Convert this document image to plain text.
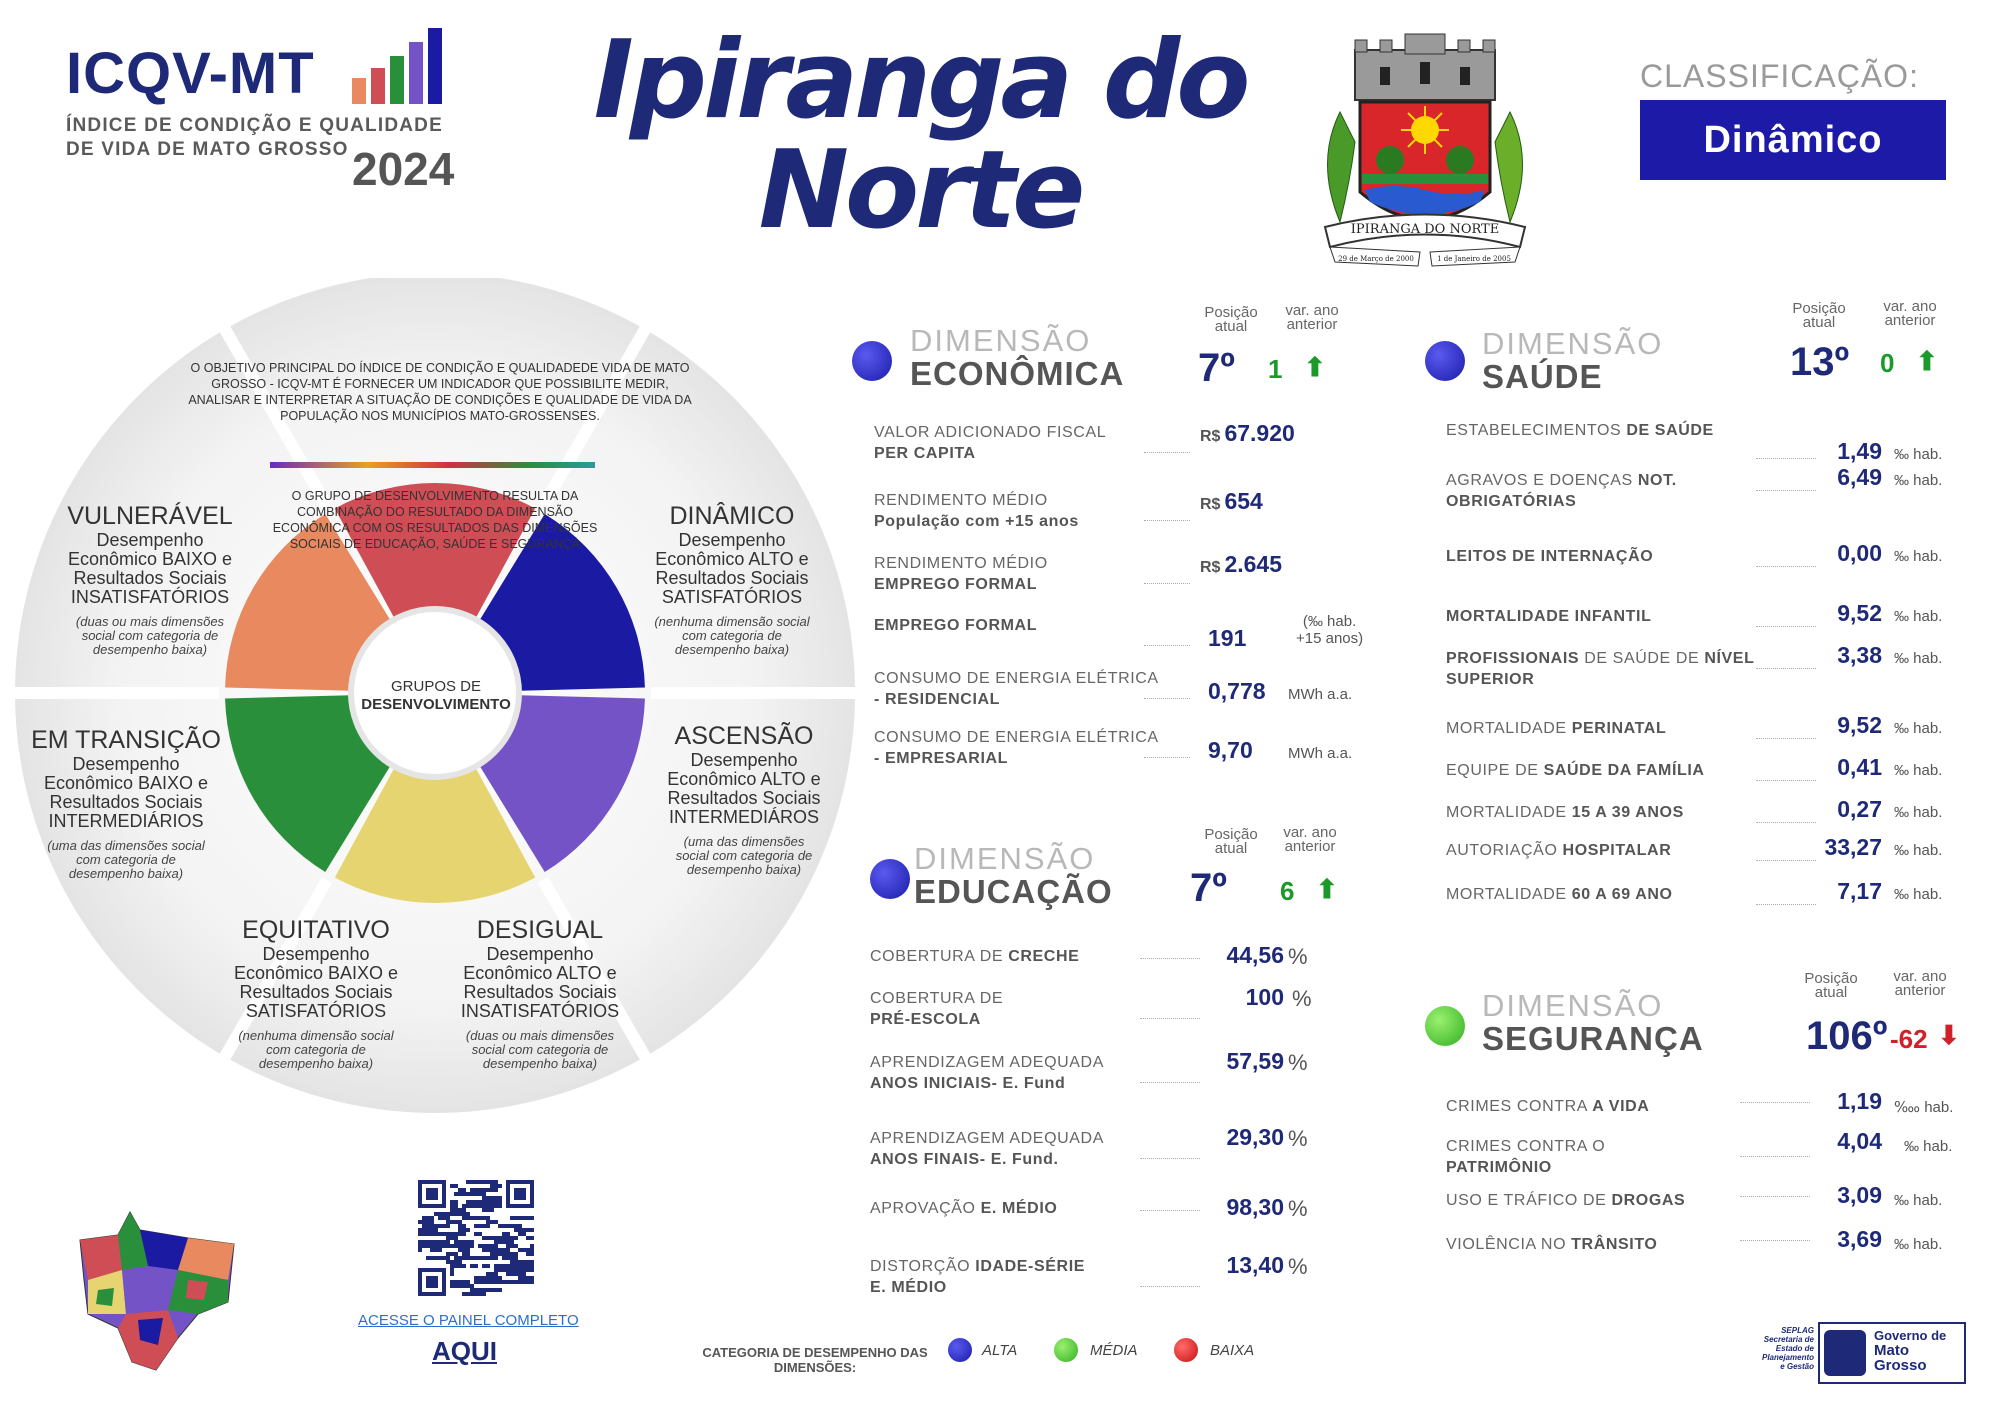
ICQV-MT
ÍNDICE DE CONDIÇÃO E QUALIDADE DE VIDA DE MATO GROSSO 2024
Ipiranga do
Norte	IPIRANGA DO NORTE
29 de Março de 2000	1 de Janeiro de 2005
CLASSIFICAÇÃO:
Dinâmico
GRUPOS DE
DESENVOLVIMENTO
O OBJETIVO PRINCIPAL DO ÍNDICE DE CONDIÇÃO E QUALIDADEDE VIDA DE MATO GROSSO - ICQV-MT É FORNECER UM INDICADOR QUE POSSIBILITE MEDIR, ANALISAR E INTERPRETAR A SITUAÇÃO DE CONDIÇÕES E QUALIDADE DE VIDA DA POPULAÇÃO NOS MUNICÍPIOS MATO-GROSSENSES.
O GRUPO DE DESENVOLVIMENTO RESULTA DA COMBINAÇÃO DO RESULTADO DA DIMENSÃO ECONÔMICA COM OS RESULTADOS DAS DIMENSÕES SOCIAIS DE EDUCAÇÃO, SAÚDE E SEGURANÇA
VULNERÁVEL
Desempenho Econômico BAIXO e Resultados Sociais INSATISFATÓRIOS
(duas ou mais dimensões social com categoria de desempenho baixa)
DINÂMICO
Desempenho Econômico ALTO e Resultados Sociais SATISFATÓRIOS
(nenhuma dimensão social com categoria de desempenho baixa)
EM TRANSIÇÃO
Desempenho Econômico BAIXO e Resultados Sociais INTERMEDIÁRIOS
(uma das dimensões social com categoria de desempenho baixa)
ASCENSÃO
Desempenho Econômico ALTO e Resultados Sociais INTERMEDIÁROS
(uma das dimensões social com categoria de desempenho baixa)
EQUITATIVO
Desempenho Econômico BAIXO e Resultados Sociais SATISFATÓRIOS
(nenhuma dimensão social com categoria de desempenho baixa)
DESIGUAL
Desempenho Econômico ALTO e Resultados Sociais INSATISFATÓRIOS
(duas ou mais dimensões social com categoria de desempenho baixa)
DIMENSÃO
ECONÔMICA
Posição
atual
var. ano
anterior
7º 1 ⬆
VALOR ADICIONADO FISCAL
PER CAPITA
R$ 67.920
RENDIMENTO MÉDIO
População com +15 anos
R$ 654
RENDIMENTO MÉDIO
EMPREGO FORMAL
R$ 2.645
EMPREGO FORMAL	191
(‰ hab.
+15 anos)
CONSUMO DE ENERGIA ELÉTRICA
- RESIDENCIAL	0,778 MWh a.a.
CONSUMO DE ENERGIA ELÉTRICA
- EMPRESARIAL	9,70 MWh a.a.
DIMENSÃO
EDUCAÇÃO
Posição
atual
var. ano
anterior
7º 6 ⬆
COBERTURA DE CRECHE	44,56 %
COBERTURA DE
PRÉ-ESCOLA
100 %
APRENDIZAGEM ADEQUADA
ANOS INICIAIS- E. Fund
57,59 %
APRENDIZAGEM ADEQUADA
ANOS FINAIS- E. Fund.
29,30 %
APROVAÇÃO E. MÉDIO	98,30 %
DISTORÇÃO IDADE-SÉRIE
E. MÉDIO
13,40 %
DIMENSÃO
SAÚDE
Posição
atual
var. ano
anterior
13º 0 ⬆
ESTABELECIMENTOS DE SAÚDE
1,49 ‰ hab.
AGRAVOS E DOENÇAS NOT.
OBRIGATÓRIAS
6,49 ‰ hab.
LEITOS DE INTERNAÇÃO	0,00 ‰ hab.
MORTALIDADE INFANTIL	9,52 ‰ hab.
PROFISSIONAIS DE SAÚDE DE NÍVEL
SUPERIOR
3,38 ‰ hab.
MORTALIDADE PERINATAL	9,52 ‰ hab.
EQUIPE DE SAÚDE DA FAMÍLIA	0,41 ‰ hab.
MORTALIDADE 15 A 39 ANOS	0,27 ‰ hab.
AUTORIAÇÃO HOSPITALAR	33,27 ‰ hab.
MORTALIDADE 60 A 69 ANO	7,17 ‰ hab.
DIMENSÃO
SEGURANÇA
Posição
atual
var. ano
anterior
106º -62 ⬇
CRIMES CONTRA A VIDA	1,19 ‱ hab.
CRIMES CONTRA O
PATRIMÔNIO
4,04 ‰ hab.
USO E TRÁFICO DE DROGAS	3,09 ‰ hab.
VIOLÊNCIA NO TRÂNSITO	3,69 ‰ hab.
ACESSE O PAINEL COMPLETO
AQUI	CATEGORIA DE DESEMPENHO DAS DIMENSÕES:
ALTA	MÉDIA	BAIXA
SEPLAG Secretaria de Estado de Planejamento e Gestão
Governo de
Mato
Grosso
